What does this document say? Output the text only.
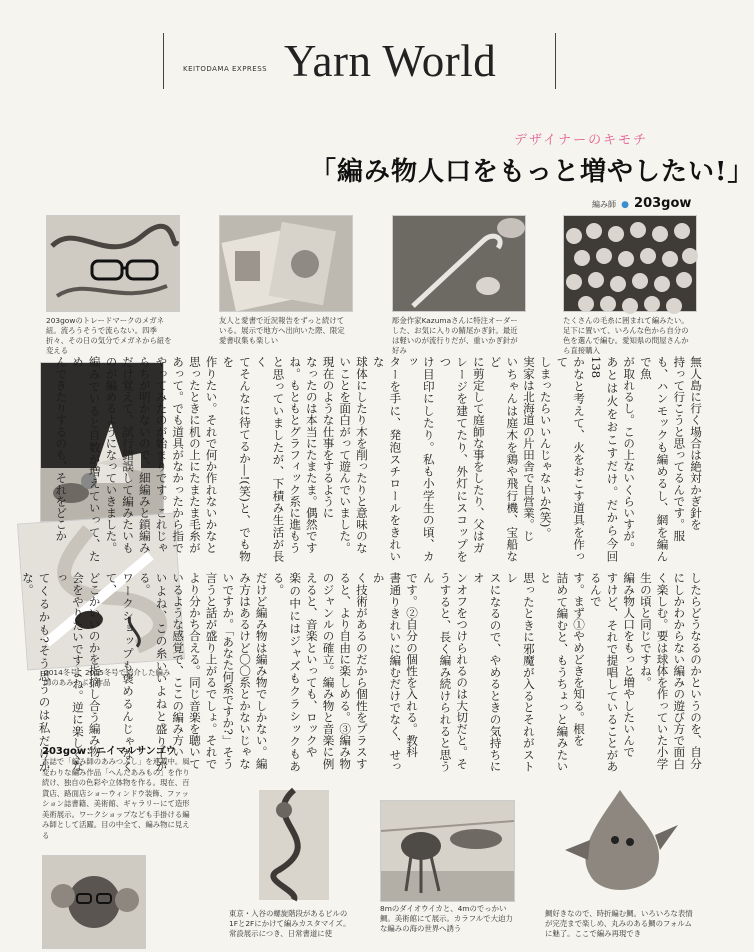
KEITODAMA EXPRESS Yarn World
デザイナーのキモチ
「編み物人口をもっと増やしたい!」
編み師 ● 203gow
203gowのトレードマークのメガネ紐。流ろうそうで流らない。四季折々、その日の気分でメガネから紐を変える
友人と愛書で近況報告をずっと続けている。展示で地方へ出向いた際、限定愛書収集も楽しい
彫金作家Kazumaさんに特注オーダーした、お気に入りの鯖尾かぎ針。最近は軽いのが流行りだが、重いかぎ針が好み
たくさんの毛糸に囲まれて編みたい。足下に置いて、いろんな色から自分の色を選んで編む。愛知県の問屋さんから直接購入
2014冬号、2015冬号で紹介した編み師のあみつぶし作品
203gow：ニイマルサンゴウ
本誌で「編み師のあみつぶし」を連載中。風変わりな編み作品「へんたあみもの」を作り続け、独自の色彩や立体物を作る。現在、百貨店、路面店ショーウィンドウ装飾、ファッション誌書籍、美術館、ギャラリーにて造形美術展示。ワークショップなども手掛ける編み師として活躍。目の中全て、編み物に見える
無人島に行く場合は絶対かぎ針を
持って行こうと思ってるんです。服
も、ハンモックも編めるし、網を編んで魚
が取れるし。この上ないくらいすが。
あとは火をおこすだけ。だから今回138
かなと考えて、火をおこす道具を作って
しまったらいいんじゃないか(笑)。
実家は北海道の片田舎で自営業。じ
いちゃんは庭木を鶏や飛行機、宝船など
に剪定して庭師な事をしたり、父はガ
レージを建てたり、外灯にスコップをつ
け目印にしたり。私も小学生の頃、カッ
ターを手に、発泡スチロールをきれいな
球体にしたり木を削ったりと意味のな
いことを面白がって遊んでいました。
現在のような仕事をするように
なったのは本当にたまたま。偶然です
ね。もともとグラフィック系に進もう
と思っていましたが、下積み生活が長く
てそんなに待てるか―!(笑)と、でも物を
作りたい。それで何か作れないかなと
思ったときに机の上にたまたま毛糸が
あって。でも道具がなかったから指で
やってみたのが始まりです。これじゃ
らちが明かないので、細編みと鎖編み
だけ覚えて、試行錯誤して編みたいも
のが編めるようになっていきました。
編みでいると自数が増えていって、ため
んできたりするのも、それをどこか
したらどうなるのかというのを、自分
にしかわからない編みの遊び方で面白
く楽しむ。要は球体を作っていた小学
生の頃と同じですね。
編み物人口をもっと増やしたいんで
すけど、それで提唱していることがあるんで
す。まず①やめどきを知る。根を
詰めて編むと、もうちょっと編みたいと
思ったときに邪魔が入るとそれがストレ
スになるので、やめるときの気持ちにオ
ンオフをつけられるのは大切だと。そ
うすると、長く編み続けられると思うん
です。②自分の個性を入れる。教科
書通りきれいに編むだけでなく、せっか
く技術があるのだから個性をプラスす
ると、より自由に楽しめる。③編み物
のジャンルの確立。編み物と音楽に例
えると、音楽といっても、ロックや
楽の中にはジャズもクラシックもある。
だけど編み物は編み物でしかない。編
み方はあるけど〇〇系とかないじゃな
いですか。「あなた何系ですか?」そう
言うと話が盛り上がるでしょ。それで
より分かち合える。同じ音楽を聴いて
いるような感覚で、ここの編み方い
いよね、この糸いいよねと盛り上がる。
ワークショップも褒めるんじゃなくて、
どこかいいのかを指摘し合う編み物
会をやりたいですよね。逆に楽しくなっ
てくるかも?そう思うのは私だけかな。
東京・入谷の螺旋階段があるビルの1Fと2Fにかけて編みカスタマイズ。常設展示につき、日常書道に使
8mのダイオウイカと、4mのでっかい鯛。美術館にて展示。カラフルで大迫力な編みの海の世界へ誘う
鯛好きなので、時折編む鯛。いろいろな表情が完売まで楽しめ、丸みのある鯛のフォルムに魅了。ここで編み再現でき
